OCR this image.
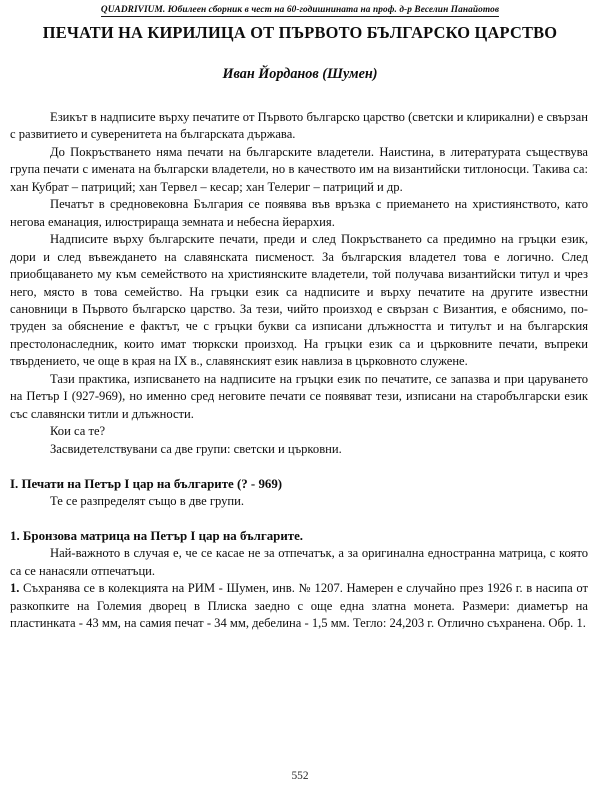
QUADRIVIUM. Юбилеен сборник в чест на 60-годишнината на проф. д-р Веселин Панайотов
ПЕЧАТИ НА КИРИЛИЦА ОТ ПЪРВОТО БЪЛГАРСКО ЦАРСТВО
Иван Йорданов (Шумен)

Езикът в надписите върху печатите от Първото българско царство (светски и клирикални) е свързан с развитието и суверенитета на българската държава.

До Покръстването няма печати на българските владетели. Наистина, в литературата съществува група печати с имената на български владетели, но в качеството им на византийски титлоносци. Такива са: хан Кубрат – патриций; хан Тервел – кесар; хан Телериг – патриций и др.

Печатът в средновековна България се появява във връзка с приемането на християнството, като негова еманация, илюстрираща земната и небесна йерархия.

Надписите върху българските печати, преди и след Покръстването са предимно на гръцки език, дори и след въвеждането на славянската писменост. За българския владетел това е логично. След приобщаването му към семейството на християнските владетели, той получава византийски титул и чрез него, място в това семейство. На гръцки език са надписите и върху печатите на другите известни сановници в Първото българско царство. За тези, чийто произход е свързан с Византия, е обяснимо, по-труден за обяснение е фактът, че с гръцки букви са изписани длъжността и титулът и на българския престолонаследник, които имат тюркски произход. На гръцки език са и църковните печати, въпреки твърдението, че още в края на IX в., славянският език навлиза в църковното служене.

Тази практика, изписването на надписите на гръцки език по печатите, се запазва и при царуването на Петър I (927-969), но именно сред неговите печати се появяват тези, изписани на старобългарски език със славянски титли и длъжности.

Кои са те?

Засвидетелствувани са две групи: светски и църковни.

I. Печати на Петър I цар на българите (? - 969)

Те се разпределят също в две групи.

1. Бронзова матрица на Петър I цар на българите.

Най-важното в случая е, че се касае не за отпечатък, а за оригинална едностранна матрица, с която са се нанасяли отпечатъци.

1. Съхранява се в колекцията на РИМ - Шумен, инв. № 1207. Намерен е случайно през 1926 г. в насипа от разкопките на Големия дворец в Плиска заедно с още една златна монета. Размери: диаметър на пластинката - 43 мм, на самия печат - 34 мм, дебелина - 1,5 мм. Тегло: 24,203 г. Отлично съхранена. Обр. 1.

552
